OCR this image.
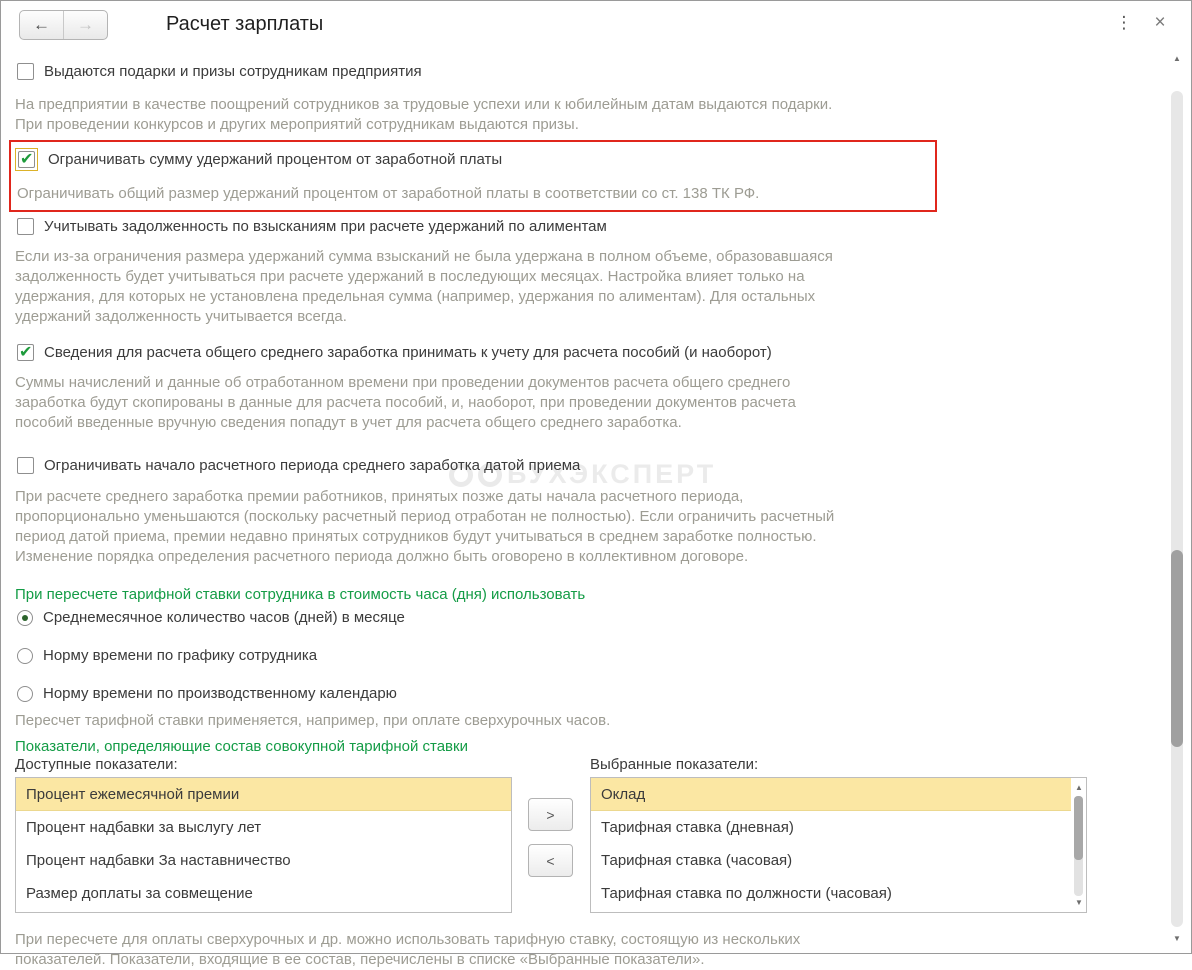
БУХЭКСПЕРТ
←	→	Расчет зарплаты	⋮ ×
Выдаются подарки и призы сотрудникам предприятия
На предприятии в качестве поощрений сотрудников за трудовые успехи или к юбилейным датам выдаются подарки.
При проведении конкурсов и других мероприятий сотрудникам выдаются призы.
✔
Ограничивать сумму удержаний процентом от заработной платы
Ограничивать общий размер удержаний процентом от заработной платы в соответствии со ст. 138 ТК РФ.
Учитывать задолженность по взысканиям при расчете удержаний по алиментам
Если из-за ограничения размера удержаний сумма взысканий не была удержана в полном объеме, образовавшаяся
задолженность будет учитываться при расчете удержаний в последующих месяцах. Настройка влияет только на
удержания, для которых не установлена предельная сумма (например, удержания по алиментам). Для остальных
удержаний задолженность учитывается всегда.
✔
Сведения для расчета общего среднего заработка принимать к учету для расчета пособий (и наоборот)
Суммы начислений и данные об отработанном времени при проведении документов расчета общего среднего
заработка будут скопированы в данные для расчета пособий, и, наоборот, при проведении документов расчета
пособий введенные вручную сведения попадут в учет для расчета общего среднего заработка.
Ограничивать начало расчетного периода среднего заработка датой приема
При расчете среднего заработка премии работников, принятых позже даты начала расчетного периода,
пропорционально уменьшаются (поскольку расчетный период отработан не полностью). Если ограничить расчетный
период датой приема, премии недавно принятых сотрудников будут учитываться в среднем заработке полностью.
Изменение порядка определения расчетного периода должно быть оговорено в коллективном договоре.
При пересчете тарифной ставки сотрудника в стоимость часа (дня) использовать
Среднемесячное количество часов (дней) в месяце
Норму времени по графику сотрудника
Норму времени по производственному календарю
Пересчет тарифной ставки применяется, например, при оплате сверхурочных часов.
Показатели, определяющие состав совокупной тарифной ставки
Доступные показатели:	Выбранные показатели:
Процент ежемесячной премии
Процент надбавки за выслугу лет
Процент надбавки За наставничество
Размер доплаты за совмещение
>
<
Оклад
Тарифная ставка (дневная)
Тарифная ставка (часовая)
Тарифная ставка по должности (часовая)
▲
▼
При пересчете для оплаты сверхурочных и др. можно использовать тарифную ставку, состоящую из нескольких
показателей. Показатели, входящие в ее состав, перечислены в списке «Выбранные показатели».
▲
▼
